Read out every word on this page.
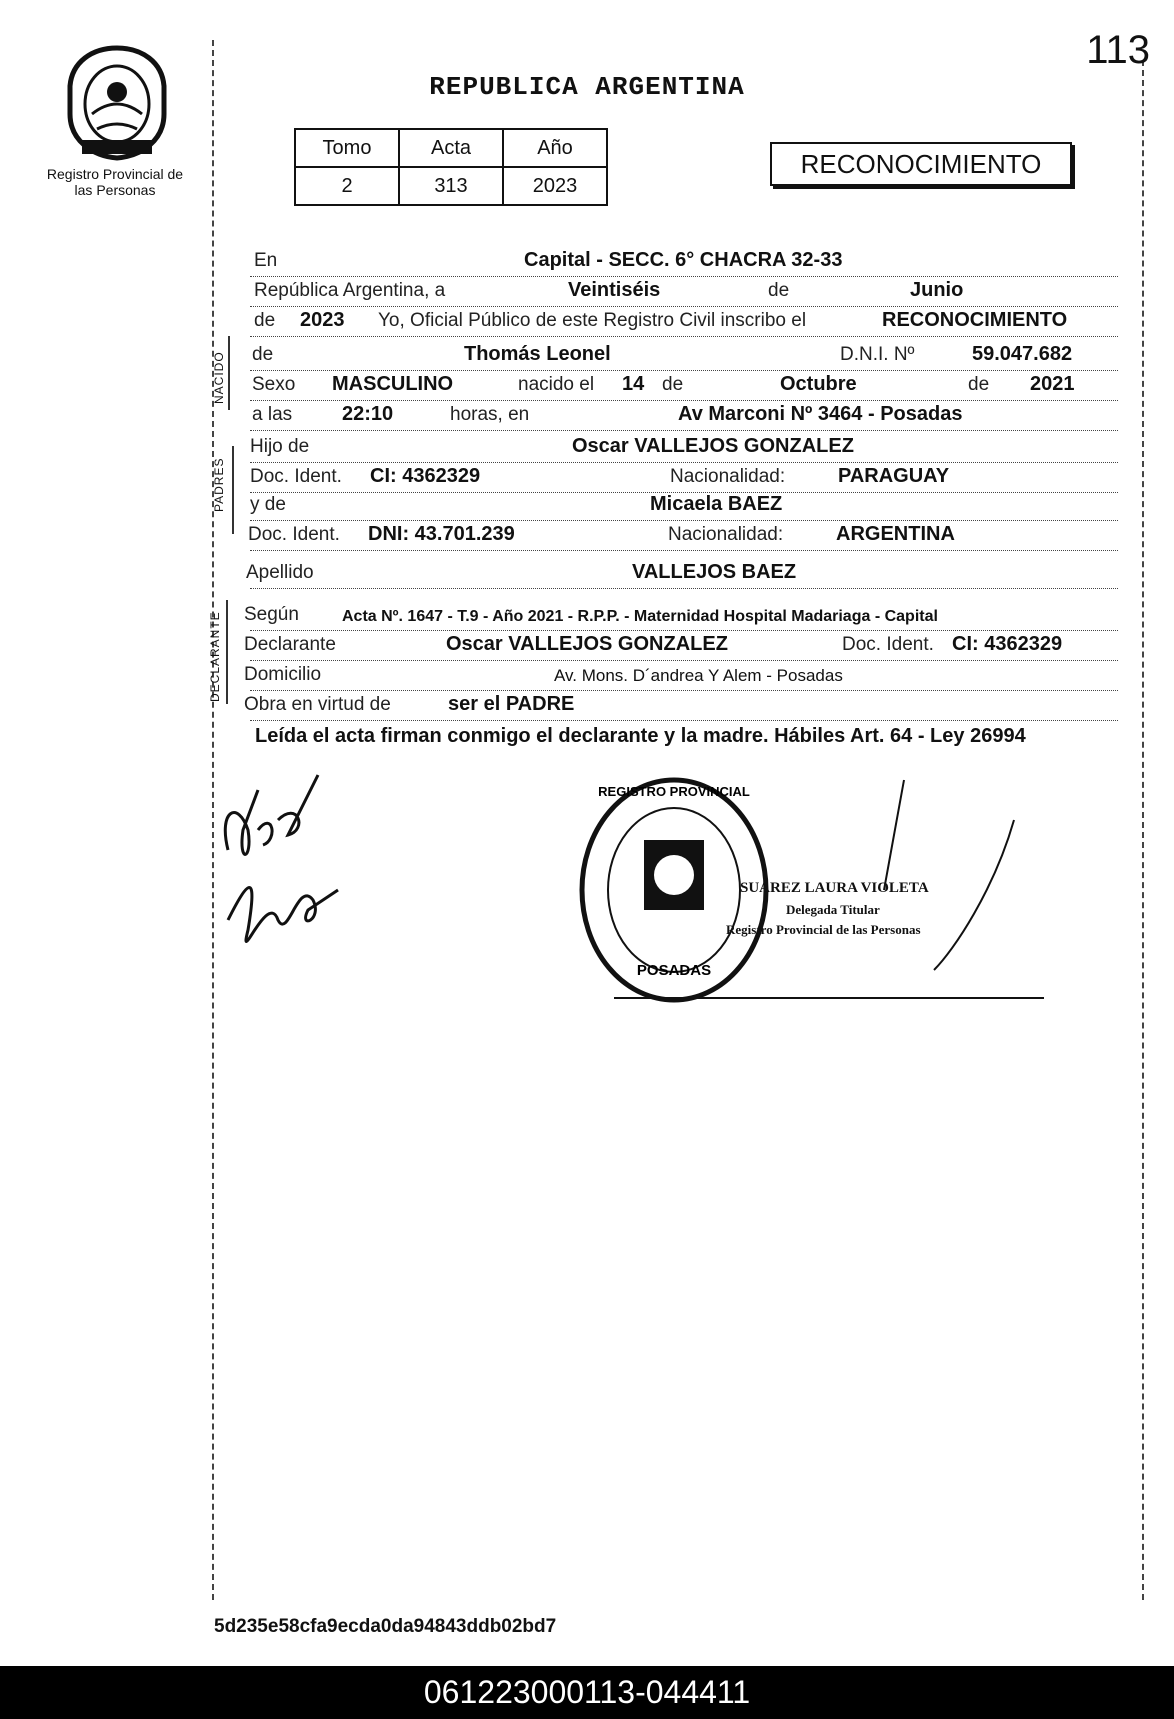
113
Registro Provincial de las Personas
REPUBLICA ARGENTINA
Tomo	Acta	Año
2	313	2023
RECONOCIMIENTO
NACIDO
PADRES
DECLARANTE
En	Capital - SECC. 6° CHACRA 32-33
República Argentina, a	Veintiséis	de	Junio
de 2023 Yo, Oficial Público de este Registro Civil inscribo el	RECONOCIMIENTO
de	Thomás Leonel	D.N.I. Nº	59.047.682
Sexo MASCULINO	nacido el 14 de	Octubre	de 2021
a las 22:10	horas, en	Av Marconi Nº 3464 - Posadas
Hijo de	Oscar VALLEJOS GONZALEZ
Doc. Ident. CI: 4362329	Nacionalidad:	PARAGUAY
y de	Micaela BAEZ
Doc. Ident. DNI: 43.701.239	Nacionalidad:	ARGENTINA
Apellido	VALLEJOS BAEZ
Según	Acta Nº. 1647 - T.9 - Año 2021 - R.P.P. - Maternidad Hospital Madariaga - Capital
Declarante	Oscar VALLEJOS GONZALEZ	Doc. Ident. CI: 4362329
Domicilio	Av. Mons. D´andrea Y Alem - Posadas
Obra en virtud de	ser el PADRE
Leída el acta firman conmigo el declarante y la madre. Hábiles Art. 64 - Ley 26994
REGISTRO PROVINCIAL
POSADAS
SUAREZ LAURA VIOLETA
Delegada Titular
Registro Provincial de las Personas
5d235e58cfa9ecda0da94843ddb02bd7
061223000113-044411
